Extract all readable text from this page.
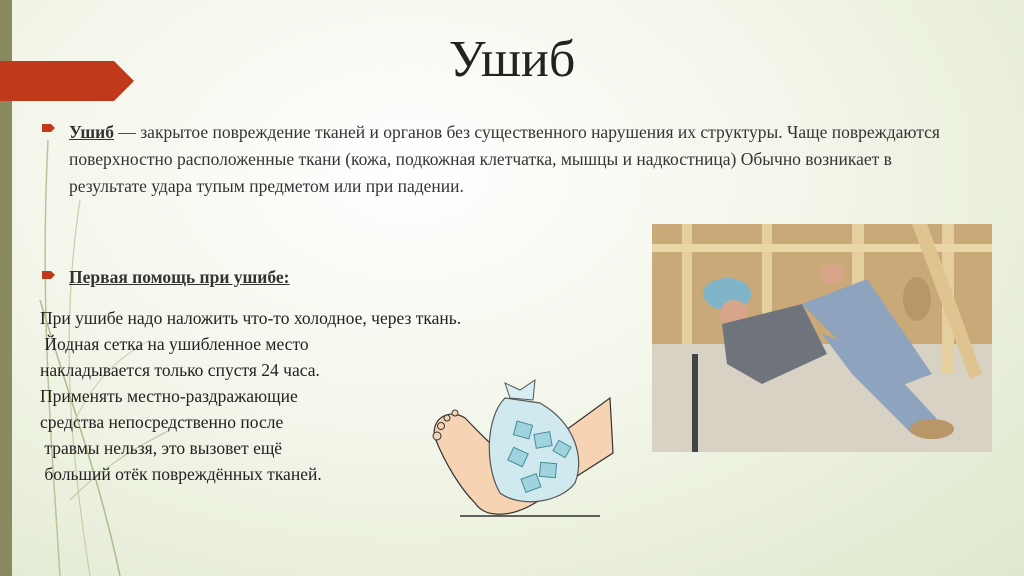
Ушиб
Ушиб — закрытое повреждение тканей и органов без существенного нарушения их структуры. Чаще повреждаются поверхностно расположенные ткани (кожа, подкожная клетчатка, мышцы и надкостница) Обычно возникает в результате удара тупым предметом или при падении.
Первая помощь при ушибе:
При ушибе надо наложить что-то холодное, через ткань.
Йодная сетка на ушибленное место
накладывается только спустя 24 часа.
Применять местно-раздражающие
средства непосредственно после
травмы нельзя, это вызовет ещё
больший отёк повреждённых тканей.
